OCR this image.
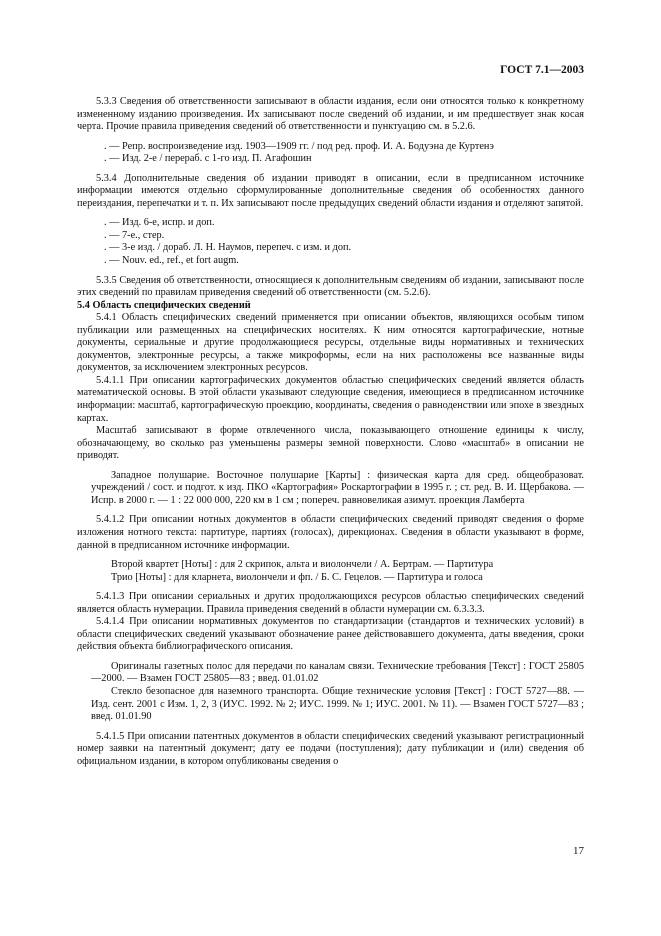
ГОСТ 7.1—2003

5.3.3 Сведения об ответственности записывают в области издания, если они относятся только к конкретному измененному изданию произведения. Их записывают после сведений об издании, и им предшествует знак косая черта. Прочие правила приведения сведений об ответственности и пунктуацию см. в 5.2.6.

. — Репр. воспроизведение изд. 1903—1909 гг. / под ред. проф. И. А. Бодуэна де Куртенэ

. — Изд. 2-е / перераб. с 1-го изд. П. Агафошин

5.3.4 Дополнительные сведения об издании приводят в описании, если в предписанном источнике информации имеются отдельно сформулированные дополнительные сведения об особенностях данного переиздания, перепечатки и т. п. Их записывают после предыдущих сведений области издания и отделяют запятой.

. — Изд. 6-е, испр. и доп.

. — 7-е., стер.

. — 3-е изд. / дораб. Л. Н. Наумов, перепеч. с изм. и доп.

. — Nouv. ed., ref., et fort augm.

5.3.5 Сведения об ответственности, относящиеся к дополнительным сведениям об издании, записывают после этих сведений по правилам приведения сведений об ответственности (см. 5.2.6).

5.4 Область специфических сведений

5.4.1 Область специфических сведений применяется при описании объектов, являющихся особым типом публикации или размещенных на специфических носителях. К ним относятся картографические, нотные документы, сериальные и другие продолжающиеся ресурсы, отдельные виды нормативных и технических документов, электронные ресурсы, а также микроформы, если на них расположены все названные виды документов, за исключением электронных ресурсов.

5.4.1.1 При описании картографических документов областью специфических сведений является область математической основы. В этой области указывают следующие сведения, имеющиеся в предписанном источнике информации: масштаб, картографическую проекцию, координаты, сведения о равноденствии или эпохе в звездных картах.

Масштаб записывают в форме отвлеченного числа, показывающего отношение единицы к числу, обозначающему, во сколько раз уменьшены размеры земной поверхности. Слово «масштаб» в описании не приводят.

Западное полушарие. Восточное полушарие [Карты] : физическая карта для сред. общеобразоват. учреждений / сост. и подгот. к изд. ПКО «Картография» Роскартографии в 1995 г. ; ст. ред. В. И. Щербакова. — Испр. в 2000 г. — 1 : 22 000 000, 220 км в 1 см ; попереч. равновеликая азимут. проекция Ламберта

5.4.1.2 При описании нотных документов в области специфических сведений приводят сведения о форме изложения нотного текста: партитуре, партиях (голосах), дирекционах. Сведения в области указывают в форме, данной в предписанном источнике информации.

Второй квартет [Ноты] : для 2 скрипок, альта и виолончели / А. Бертрам. — Партитура

Трио [Ноты] : для кларнета, виолончели и фп. / Б. С. Гецелов. — Партитура и голоса

5.4.1.3 При описании сериальных и других продолжающихся ресурсов областью специфических сведений является область нумерации. Правила приведения сведений в области нумерации см. 6.3.3.3.

5.4.1.4 При описании нормативных документов по стандартизации (стандартов и технических условий) в области специфических сведений указывают обозначение ранее действовавшего документа, даты введения, сроки действия объекта библиографического описания.

Оригиналы газетных полос для передачи по каналам связи. Технические требования [Текст] : ГОСТ 25805—2000. — Взамен ГОСТ 25805—83 ; введ. 01.01.02

Стекло безопасное для наземного транспорта. Общие технические условия [Текст] : ГОСТ 5727—88. — Изд. сент. 2001 с Изм. 1, 2, 3 (ИУС. 1992. № 2; ИУС. 1999. № 1; ИУС. 2001. № 11). — Взамен ГОСТ 5727—83 ; введ. 01.01.90

5.4.1.5 При описании патентных документов в области специфических сведений указывают регистрационный номер заявки на патентный документ; дату ее подачи (поступления); дату публикации и (или) сведения об официальном издании, в котором опубликованы сведения о

17
